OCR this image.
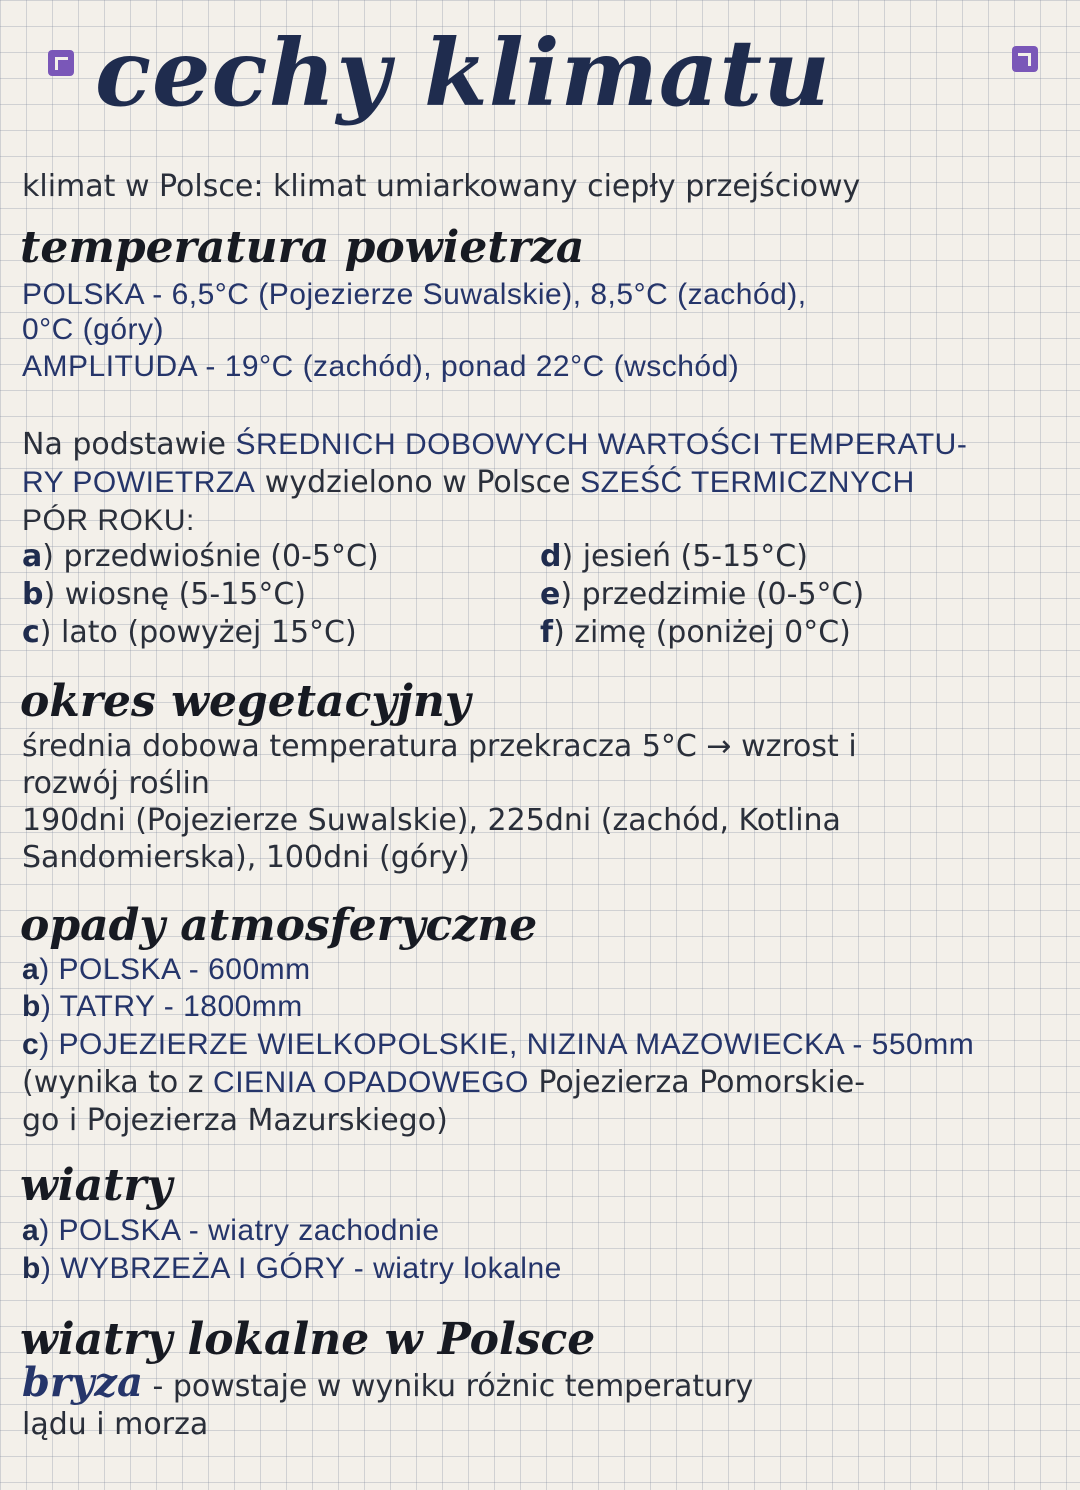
cechy klimatu
klimat w Polsce: klimat umiarkowany ciepły przejściowy
temperatura powietrza
POLSKA - 6,5°C (Pojezierze Suwalskie), 8,5°C (zachód),
0°C (góry)
AMPLITUDA - 19°C (zachód), ponad 22°C (wschód)
Na podstawie ŚREDNICH DOBOWYCH WARTOŚCI TEMPERATU-
RY POWIETRZA wydzielono w Polsce SZEŚĆ TERMICZNYCH
PÓR ROKU:
a) przedwiośnie (0-5°C)
b) wiosnę (5-15°C)
c) lato (powyżej 15°C)
d) jesień (5-15°C)
e) przedzimie (0-5°C)
f) zimę (poniżej 0°C)
okres wegetacyjny
średnia dobowa temperatura przekracza 5°C → wzrost i
rozwój roślin
190dni (Pojezierze Suwalskie), 225dni (zachód, Kotlina
Sandomierska), 100dni (góry)
opady atmosferyczne
a) POLSKA - 600mm
b) TATRY - 1800mm
c) POJEZIERZE WIELKOPOLSKIE, NIZINA MAZOWIECKA - 550mm
(wynika to z CIENIA OPADOWEGO Pojezierza Pomorskie-
go i Pojezierza Mazurskiego)
wiatry
a) POLSKA - wiatry zachodnie
b) WYBRZEŻA I GÓRY - wiatry lokalne
wiatry lokalne w Polsce
bryza - powstaje w wyniku różnic temperatury
lądu i morza
